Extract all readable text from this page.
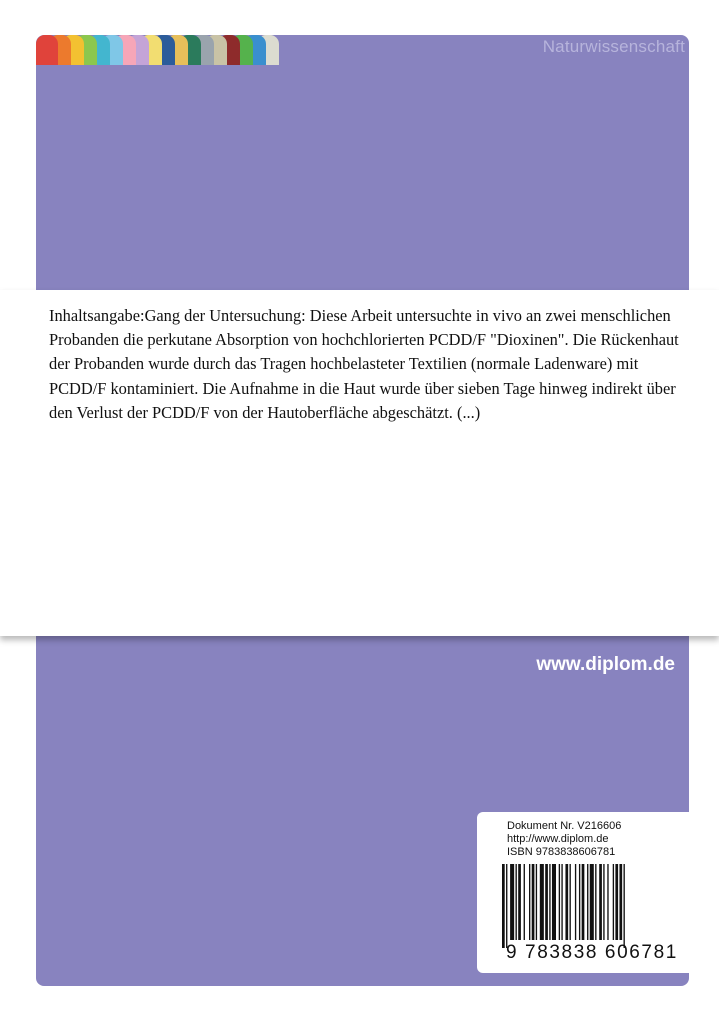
Naturwissenschaft

Inhaltsangabe:Gang der Untersuchung: Diese Arbeit untersuchte in vivo an zwei menschlichen Probanden die perkutane Absorption von hochchlorierten PCDD/F "Dioxinen". Die Rückenhaut der Probanden wurde durch das Tragen hochbelasteter Textilien (normale Ladenware) mit PCDD/F kontaminiert. Die Aufnahme in die Haut wurde über sieben Tage hinweg indirekt über den Verlust der PCDD/F von der Hautoberfläche abgeschätzt. (...)

www.diplom.de
Dokument Nr. V216606
http://www.diplom.de
ISBN 9783838606781
9 783838 606781
